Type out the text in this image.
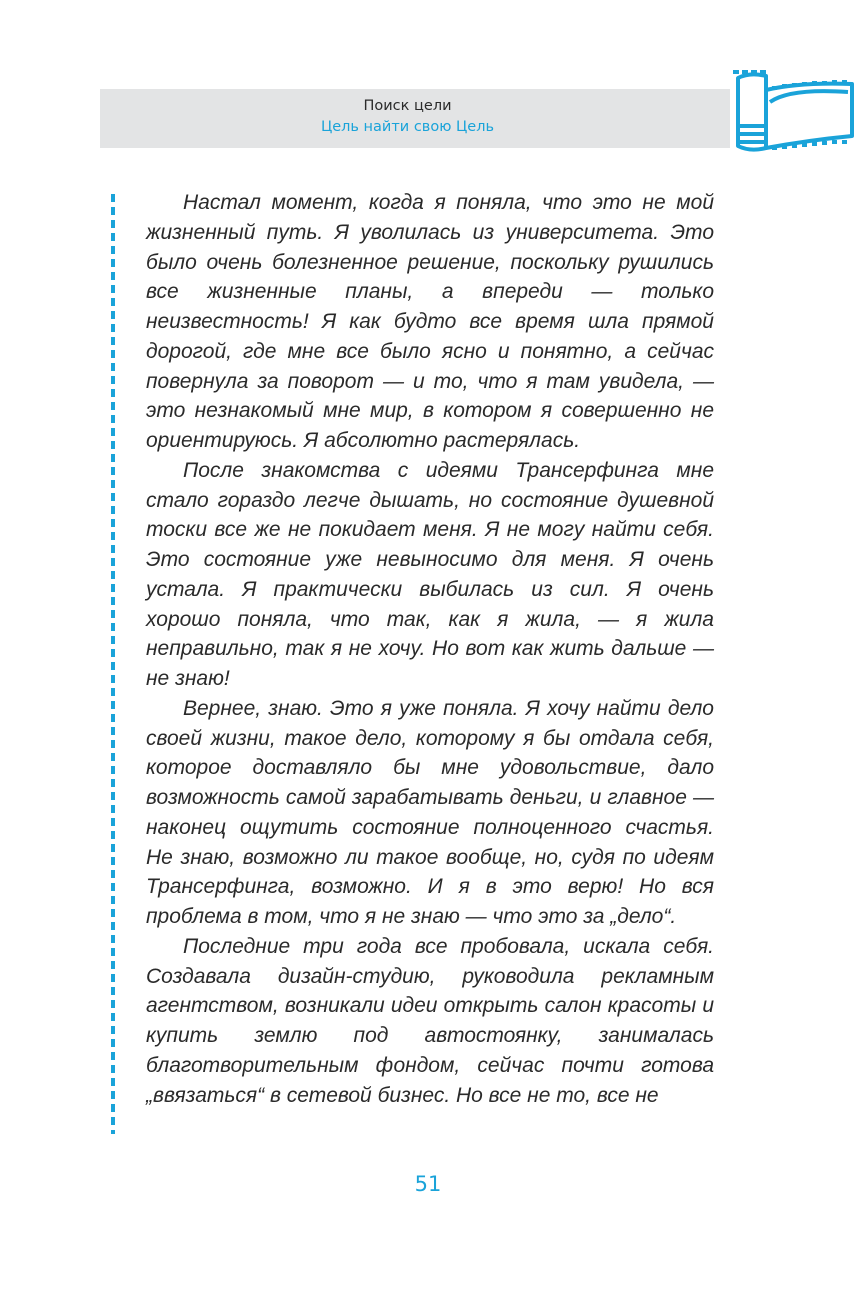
Поиск цели
Цель найти свою Цель

Настал момент, когда я поняла, что это не мой жизненный путь. Я уволилась из университета. Это было очень болезненное решение, поскольку рушились все жизненные планы, а впереди — только неизвестность! Я как будто все время шла прямой дорогой, где мне все было ясно и понятно, а сейчас повернула за поворот — и то, что я там увидела, — это незнакомый мне мир, в котором я совершенно не ориентируюсь. Я абсолютно растерялась.

После знакомства с идеями Трансерфинга мне стало гораздо легче дышать, но состояние душевной тоски все же не покидает меня. Я не могу найти себя. Это состояние уже невыносимо для меня. Я очень устала. Я практически выбилась из сил. Я очень хорошо поняла, что так, как я жила, — я жила неправильно, так я не хочу. Но вот как жить дальше — не знаю!

Вернее, знаю. Это я уже поняла. Я хочу найти дело своей жизни, такое дело, которому я бы отдала себя, которое доставляло бы мне удовольствие, дало возможность самой зарабатывать деньги, и главное — наконец ощутить состояние полноценного счастья. Не знаю, возможно ли такое вообще, но, судя по идеям Трансерфинга, возможно. И я в это верю! Но вся проблема в том, что я не знаю — что это за „дело“.

Последние три года все пробовала, искала себя. Создавала дизайн-студию, руководила рекламным агентством, возникали идеи открыть салон красоты и купить землю под автостоянку, занималась благотворительным фондом, сейчас почти готова „ввязаться“ в сетевой бизнес. Но все не то, все не

51
